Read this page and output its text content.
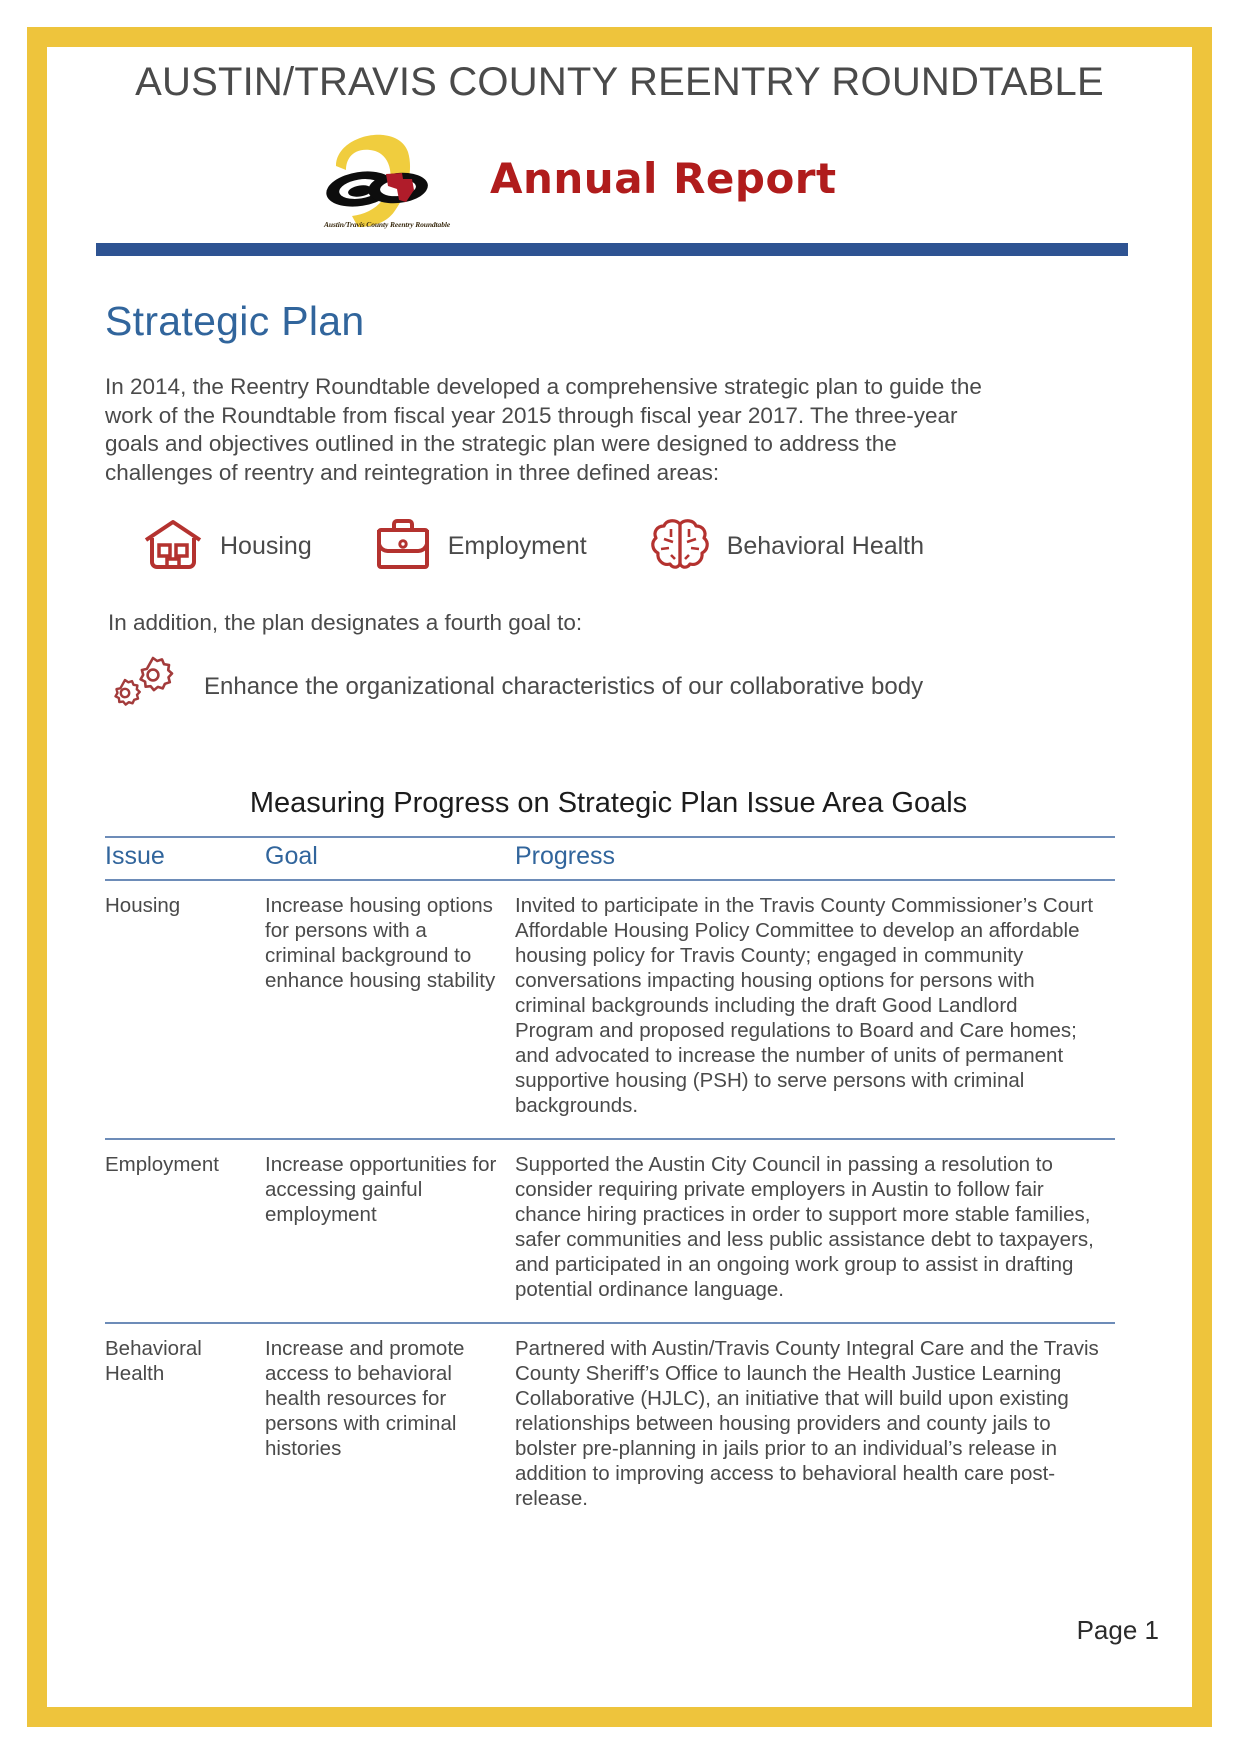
AUSTIN/TRAVIS COUNTY REENTRY ROUNDTABLE
Austin/Travis County Reentry Roundtable
Annual Report
Strategic Plan

In 2014, the Reentry Roundtable developed a comprehensive strategic plan to guide the work of the Roundtable from fiscal year 2015 through fiscal year 2017. The three-year goals and objectives outlined in the strategic plan were designed to address the challenges of reentry and reintegration in three defined areas:

Housing	Employment	Behavioral Health
In addition, the plan designates a fourth goal to:
Enhance the organizational characteristics of our collaborative body
Measuring Progress on Strategic Plan Issue Area Goals
Issue	Goal	Progress
Housing	Increase housing options for persons with a criminal background to enhance housing stability	Invited to participate in the Travis County Commissioner’s Court Affordable Housing Policy Committee to develop an affordable housing policy for Travis County; engaged in community conversations impacting housing options for persons with criminal backgrounds including the draft Good Landlord Program and proposed regulations to Board and Care homes; and advocated to increase the number of units of permanent supportive housing (PSH) to serve persons with criminal backgrounds.
Employment	Increase opportunities for accessing gainful employment	Supported the Austin City Council in passing a resolution to consider requiring private employers in Austin to follow fair chance hiring practices in order to support more stable families, safer communities and less public assistance debt to taxpayers, and participated in an ongoing work group to assist in drafting potential ordinance language.
Behavioral Health	Increase and promote access to behavioral health resources for persons with criminal histories	Partnered with Austin/Travis County Integral Care and the Travis County Sheriff’s Office to launch the Health Justice Learning Collaborative (HJLC), an initiative that will build upon existing relationships between housing providers and county jails to bolster pre-planning in jails prior to an individual’s release in addition to improving access to behavioral health care post-release.
Page 1
